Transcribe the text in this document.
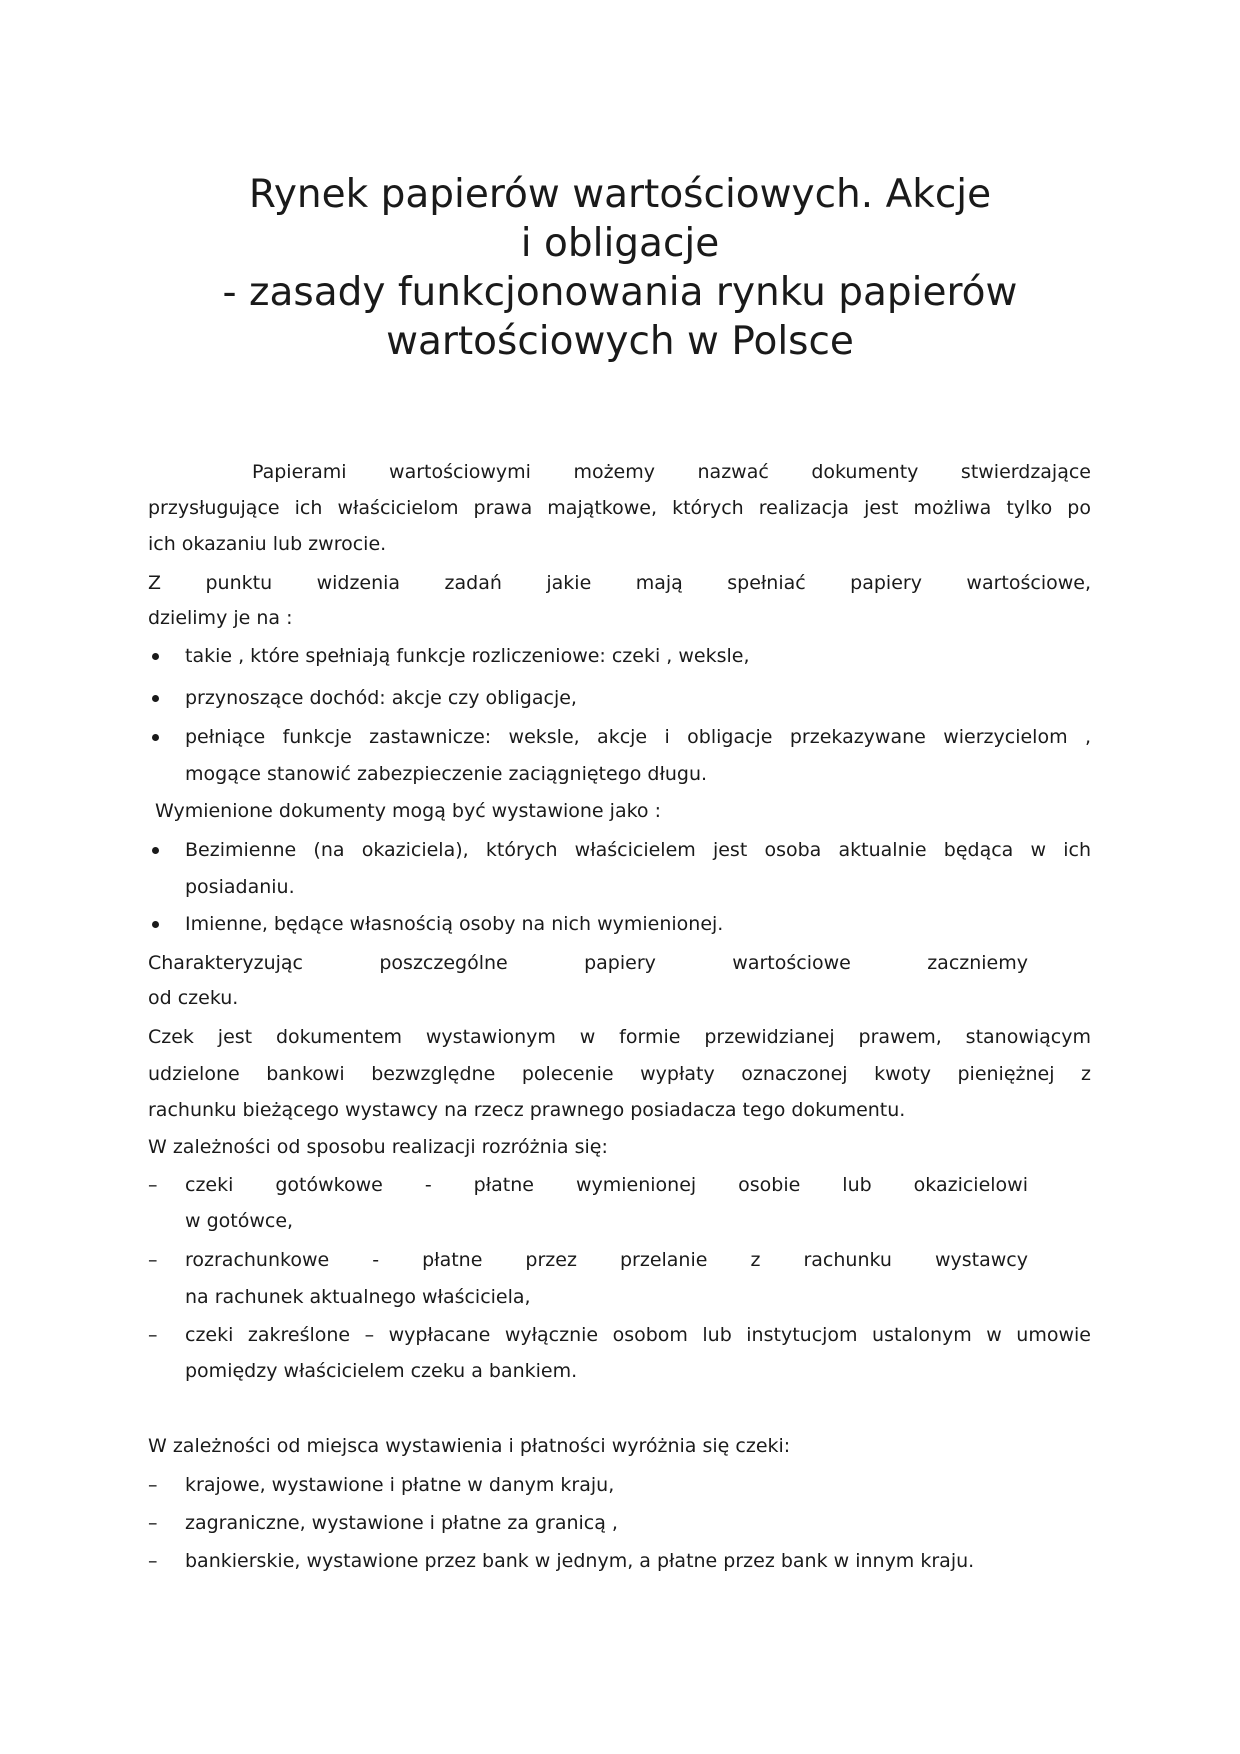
Rynek papierów wartościowych. Akcje
i obligacje
- zasady funkcjonowania rynku papierów
wartościowych w Polsce
Papierami wartościowymi możemy nazwać dokumenty stwierdzające
przysługujące ich właścicielom prawa majątkowe, których realizacja jest możliwa tylko po
ich okazaniu lub zwrocie.
Z punktu widzenia zadań jakie mają spełniać papiery wartościowe,
dzielimy je na :
takie , które spełniają funkcje rozliczeniowe: czeki , weksle,
przynoszące dochód: akcje czy obligacje,
pełniące funkcje zastawnicze: weksle, akcje i obligacje przekazywane wierzycielom ,
mogące stanowić zabezpieczenie zaciągniętego długu.
Wymienione dokumenty mogą być wystawione jako :
Bezimienne (na okaziciela), których właścicielem jest osoba aktualnie będąca w ich
posiadaniu.
Imienne, będące własnością osoby na nich wymienionej.
Charakteryzując poszczególne papiery wartościowe zaczniemy
od czeku.
Czek jest dokumentem wystawionym w formie przewidzianej prawem, stanowiącym
udzielone bankowi bezwzględne polecenie wypłaty oznaczonej kwoty pieniężnej z
rachunku bieżącego wystawcy na rzecz prawnego posiadacza tego dokumentu.
W zależności od sposobu realizacji rozróżnia się:
– czeki gotówkowe - płatne wymienionej osobie lub okazicielowi
w gotówce,
– rozrachunkowe - płatne przez przelanie z rachunku wystawcy
na rachunek aktualnego właściciela,
– czeki zakreślone – wypłacane wyłącznie osobom lub instytucjom ustalonym w umowie
pomiędzy właścicielem czeku a bankiem.
W zależności od miejsca wystawienia i płatności wyróżnia się czeki:
– krajowe, wystawione i płatne w danym kraju,
– zagraniczne, wystawione i płatne za granicą ,
– bankierskie, wystawione przez bank w jednym, a płatne przez bank w innym kraju.
